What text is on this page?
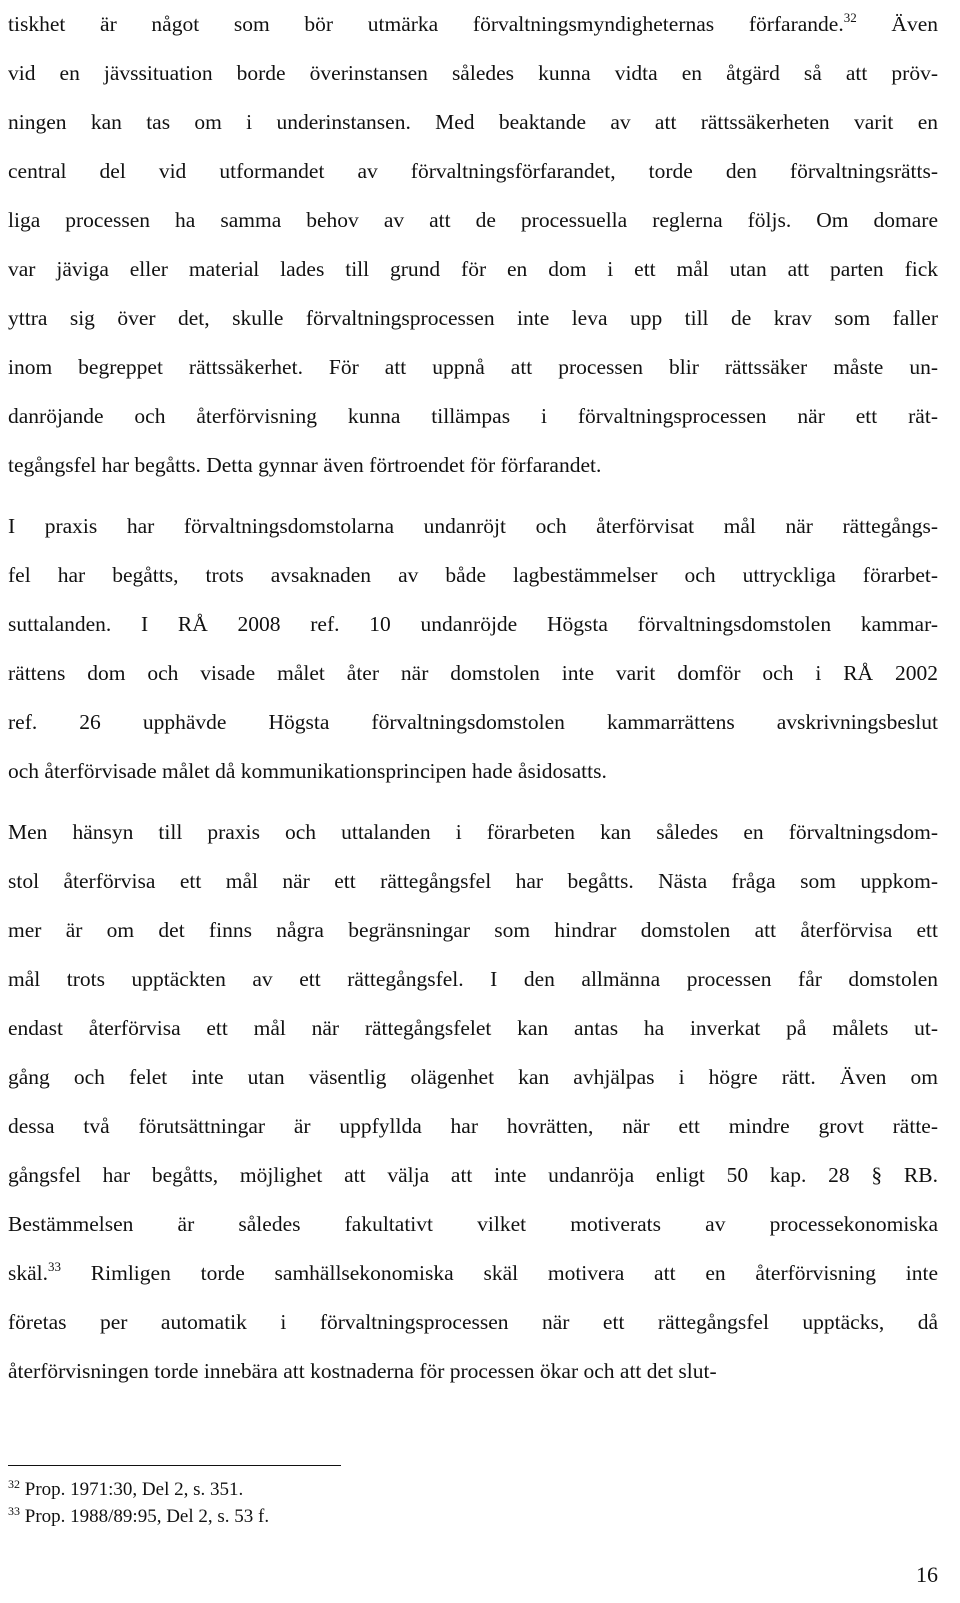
tiskhet är något som bör utmärka förvaltningsmyndigheternas förfarande.$^{32}$ Även
vid en jävssituation borde överinstansen således kunna vidta en åtgärd så att pröv-
ningen kan tas om i underinstansen. Med beaktande av att rättssäkerheten varit en
central del vid utformandet av förvaltningsförfarandet, torde den förvaltningsrätts-
liga processen ha samma behov av att de processuella reglerna följs. Om domare
var jäviga eller material lades till grund för en dom i ett mål utan att parten fick
yttra sig över det, skulle förvaltningsprocessen inte leva upp till de krav som faller
inom begreppet rättssäkerhet. För att uppnå att processen blir rättssäker måste un-
danröjande och återförvisning kunna tillämpas i förvaltningsprocessen när ett rät-
tegångsfel har begåtts. Detta gynnar även förtroendet för förfarandet.

I praxis har förvaltningsdomstolarna undanröjt och återförvisat mål när rättegångs-
fel har begåtts, trots avsaknaden av både lagbestämmelser och uttryckliga förarbet-
suttalanden. I RÅ 2008 ref. 10 undanröjde Högsta förvaltningsdomstolen kammar-
rättens dom och visade målet åter när domstolen inte varit domför och i RÅ 2002
ref. 26 upphävde Högsta förvaltningsdomstolen kammarrättens avskrivningsbeslut
och återförvisade målet då kommunikationsprincipen hade åsidosatts.

Men hänsyn till praxis och uttalanden i förarbeten kan således en förvaltningsdom-
stol återförvisa ett mål när ett rättegångsfel har begåtts. Nästa fråga som uppkom-
mer är om det finns några begränsningar som hindrar domstolen att återförvisa ett
mål trots upptäckten av ett rättegångsfel. I den allmänna processen får domstolen
endast återförvisa ett mål när rättegångsfelet kan antas ha inverkat på målets ut-
gång och felet inte utan väsentlig olägenhet kan avhjälpas i högre rätt. Även om
dessa två förutsättningar är uppfyllda har hovrätten, när ett mindre grovt rätte-
gångsfel har begåtts, möjlighet att välja att inte undanröja enligt 50 kap. 28 § RB.
Bestämmelsen är således fakultativt vilket motiverats av processekonomiska
skäl.$^{33}$ Rimligen torde samhällsekonomiska skäl motivera att en återförvisning inte
företas per automatik i förvaltningsprocessen när ett rättegångsfel upptäcks, då
återförvisningen torde innebära att kostnaderna för processen ökar och att det slut-

$^{32}$ Prop. 1971:30, Del 2, s. 351.

$^{33}$ Prop. 1988/89:95, Del 2, s. 53 f.

16
